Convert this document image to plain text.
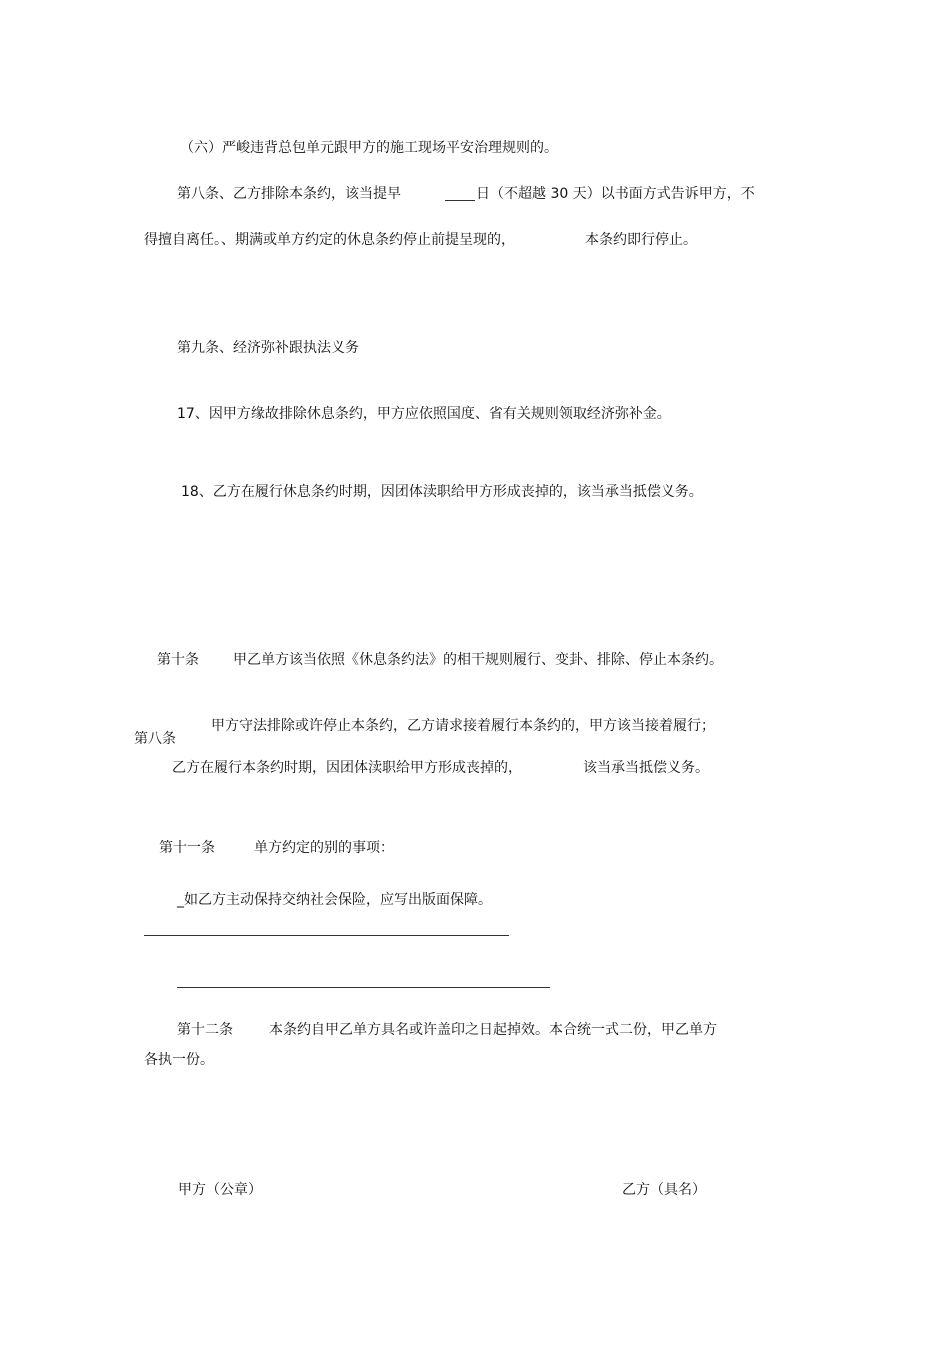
（六）严峻违背总包单元跟甲方的施工现场平安治理规则的。
第八条、乙方排除本条约，该当提早	日（不超越 30 天）以书面方式告诉甲方，不
得擅自离任。、期满或单方约定的休息条约停止前提呈现的，	本条约即行停止。
第九条、经济弥补跟执法义务
17、因甲方缘故排除休息条约，甲方应依照国度、省有关规则领取经济弥补金。
18、乙方在履行休息条约时期，因团体渎职给甲方形成丧掉的，该当承当抵偿义务。
第十条 甲乙单方该当依照《休息条约法》的相干规则履行、变卦、排除、停止本条约。
甲方守法排除或许停止本条约，乙方请求接着履行本条约的，甲方该当接着履行；
第八条
乙方在履行本条约时期，因团体渎职给甲方形成丧掉的，	该当承当抵偿义务。
第十一条	单方约定的别的事项：
_如乙方主动保持交纳社会保险，应写出版面保障。
第十二条	本条约自甲乙单方具名或许盖印之日起掉效。本合统一式二份，甲乙单方
各执一份。
甲方（公章）	乙方（具名）
